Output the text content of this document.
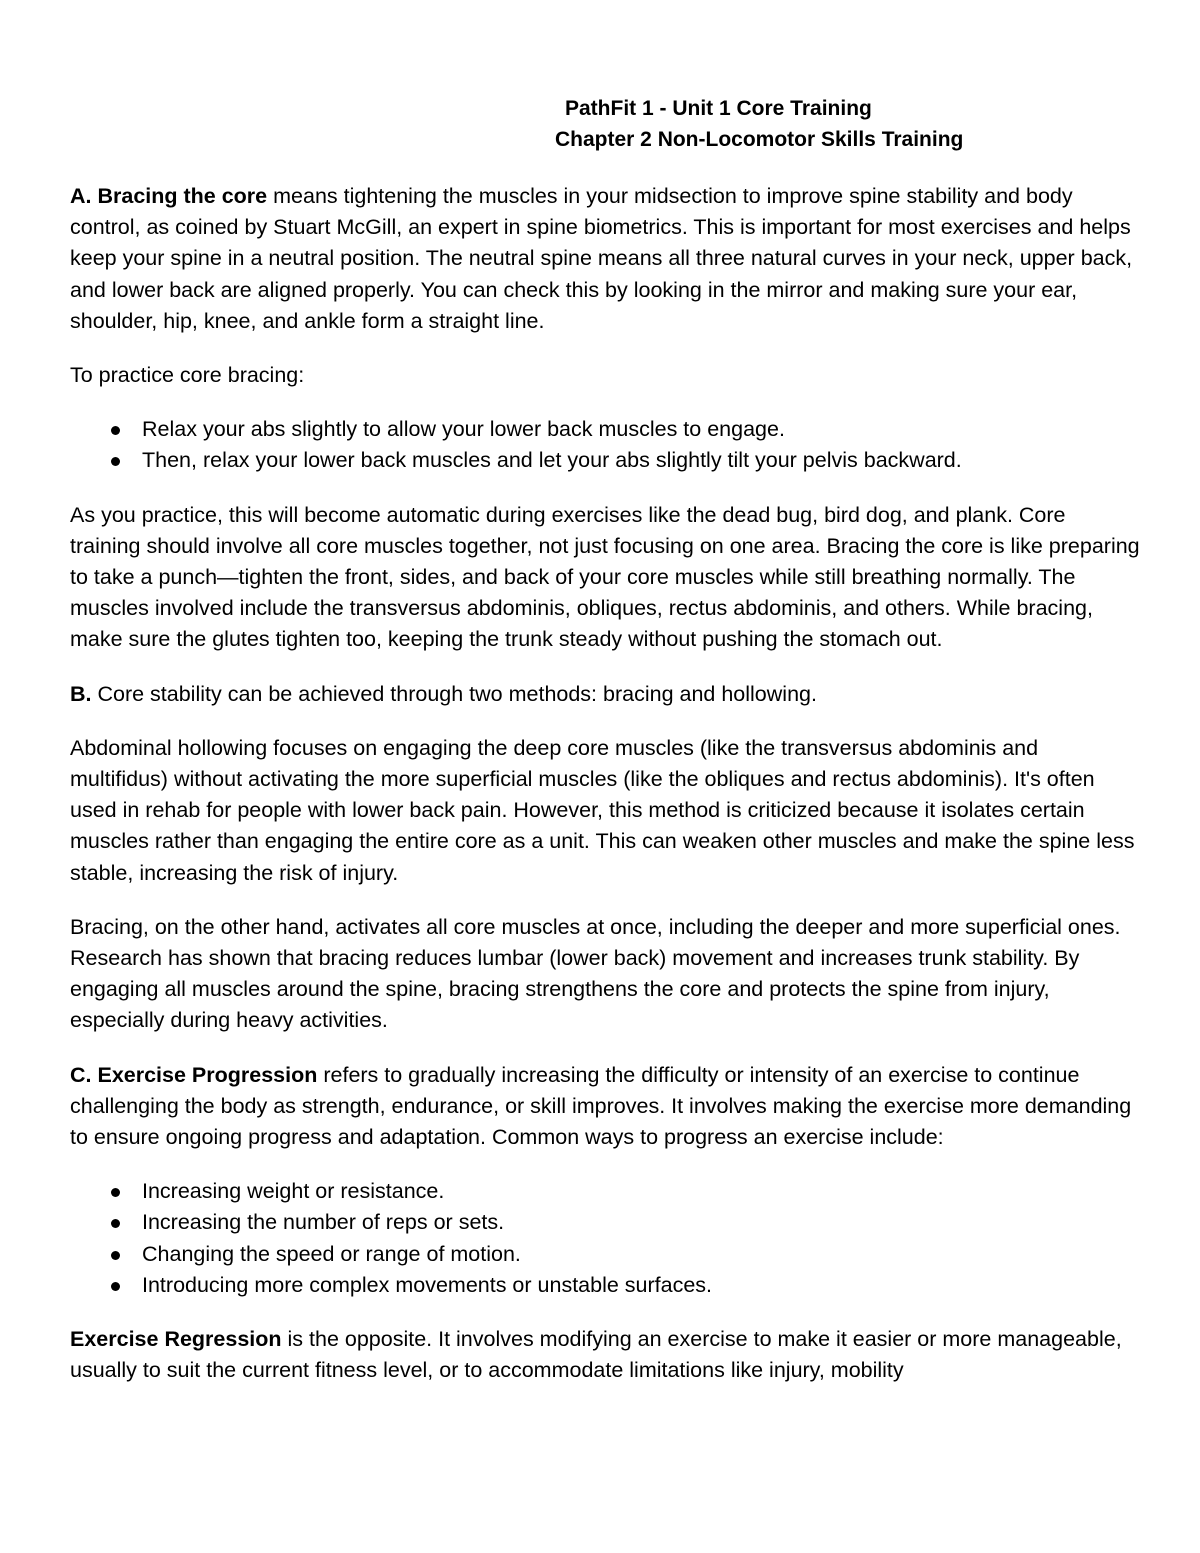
PathFit 1 - Unit 1 Core Training
Chapter 2 Non-Locomotor Skills Training

A. Bracing the core means tightening the muscles in your midsection to improve spine stability and body control, as coined by Stuart McGill, an expert in spine biometrics. This is important for most exercises and helps keep your spine in a neutral position. The neutral spine means all three natural curves in your neck, upper back, and lower back are aligned properly. You can check this by looking in the mirror and making sure your ear, shoulder, hip, knee, and ankle form a straight line.

To practice core bracing:

Relax your abs slightly to allow your lower back muscles to engage.
Then, relax your lower back muscles and let your abs slightly tilt your pelvis backward.

As you practice, this will become automatic during exercises like the dead bug, bird dog, and plank. Core training should involve all core muscles together, not just focusing on one area. Bracing the core is like preparing to take a punch—tighten the front, sides, and back of your core muscles while still breathing normally. The muscles involved include the transversus abdominis, obliques, rectus abdominis, and others. While bracing, make sure the glutes tighten too, keeping the trunk steady without pushing the stomach out.

B. Core stability can be achieved through two methods: bracing and hollowing.

Abdominal hollowing focuses on engaging the deep core muscles (like the transversus abdominis and multifidus) without activating the more superficial muscles (like the obliques and rectus abdominis). It's often used in rehab for people with lower back pain. However, this method is criticized because it isolates certain muscles rather than engaging the entire core as a unit. This can weaken other muscles and make the spine less stable, increasing the risk of injury.

Bracing, on the other hand, activates all core muscles at once, including the deeper and more superficial ones. Research has shown that bracing reduces lumbar (lower back) movement and increases trunk stability. By engaging all muscles around the spine, bracing strengthens the core and protects the spine from injury, especially during heavy activities.

C. Exercise Progression refers to gradually increasing the difficulty or intensity of an exercise to continue challenging the body as strength, endurance, or skill improves. It involves making the exercise more demanding to ensure ongoing progress and adaptation. Common ways to progress an exercise include:

Increasing weight or resistance.
Increasing the number of reps or sets.
Changing the speed or range of motion.
Introducing more complex movements or unstable surfaces.

Exercise Regression is the opposite. It involves modifying an exercise to make it easier or more manageable, usually to suit the current fitness level, or to accommodate limitations like injury, mobility
